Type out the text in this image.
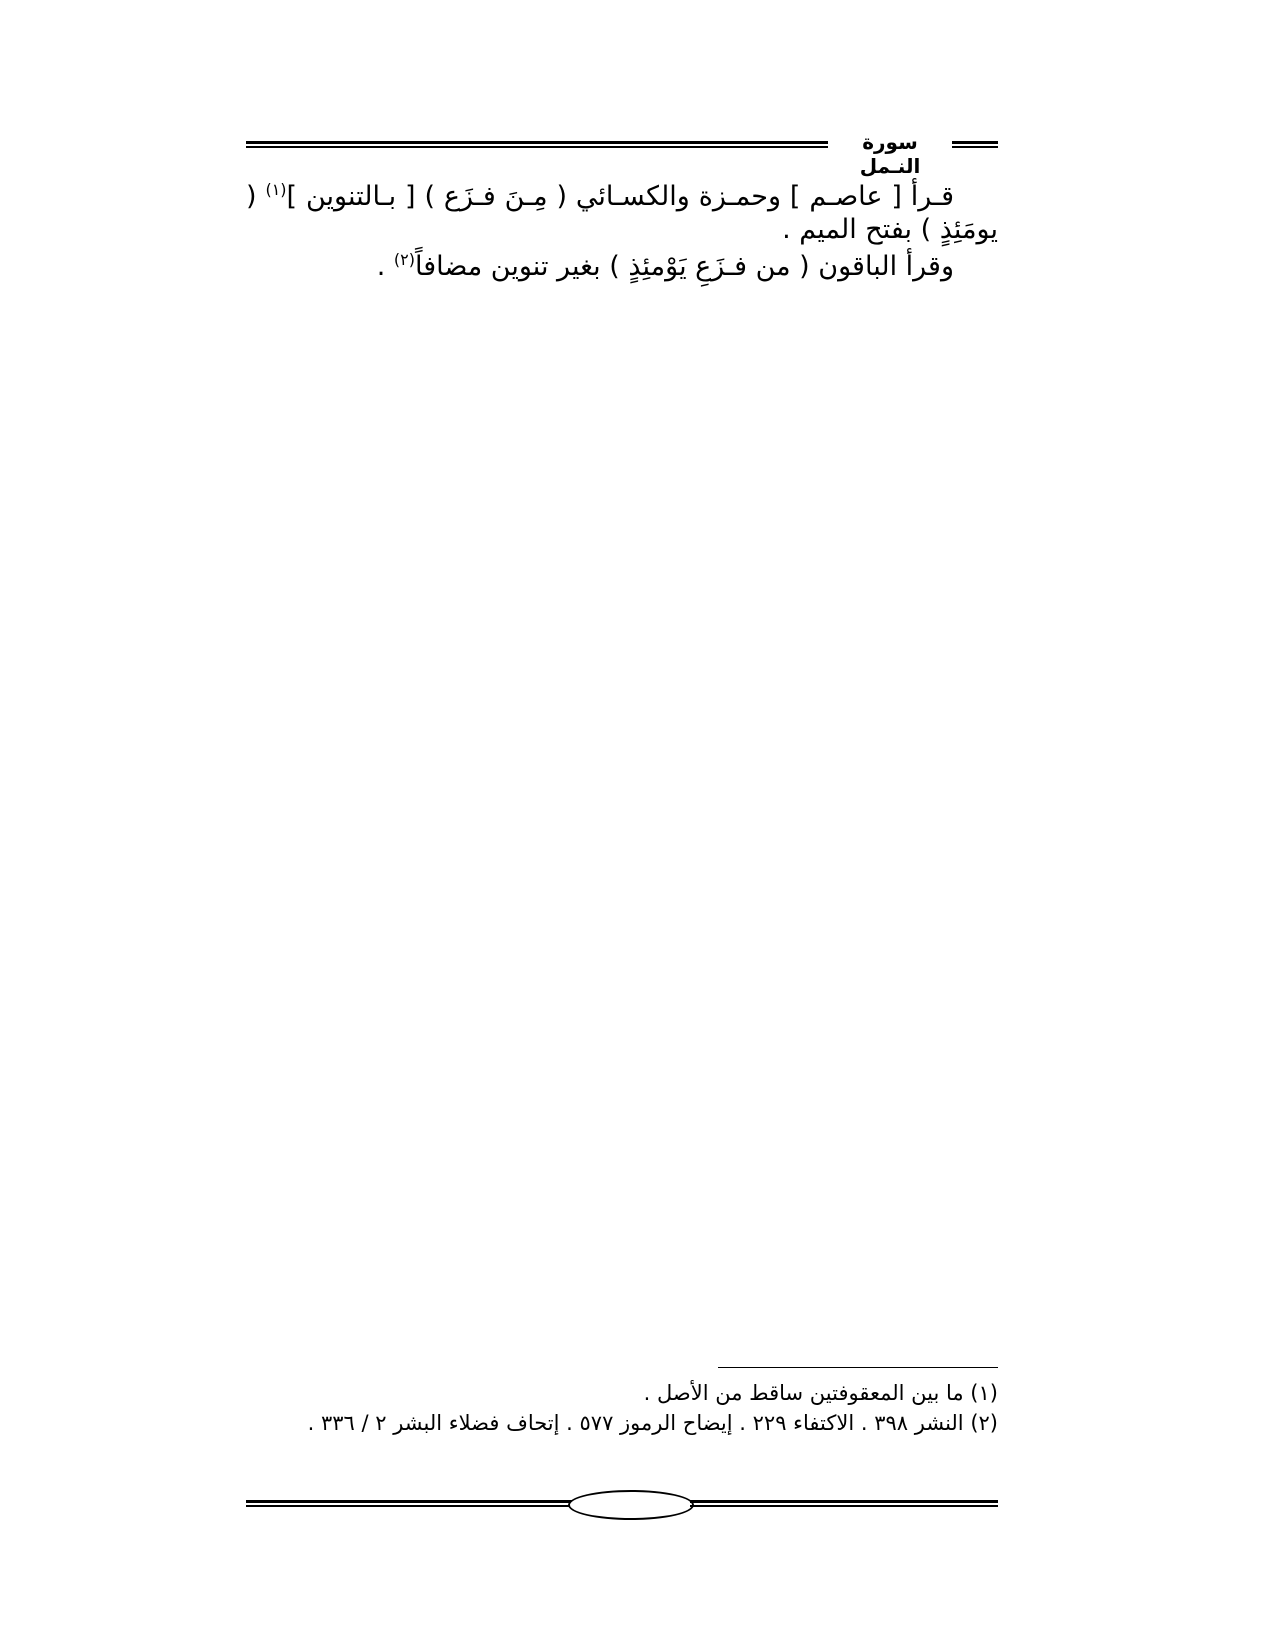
سورة النـمل

قـرأ [ عاصـم ] وحمـزة والكسـائي ( مِـنَ فـزَع ) [ بـالتنوين ]$^{(١)}$ ( يومَئِذٍ ) بفتح الميم .

وقرأ الباقون ( من فـزَعِ يَوْمئِذٍ ) بغير تنوين مضافاً$^{(٢)}$ .

(١) ما بين المعقوفتين ساقط من الأصل .

(٢) النشر ٣٩٨ . الاكتفاء ٢٢٩ . إيضاح الرموز ٥٧٧ . إتحاف فضلاء البشر ٢ / ٣٣٦ .
